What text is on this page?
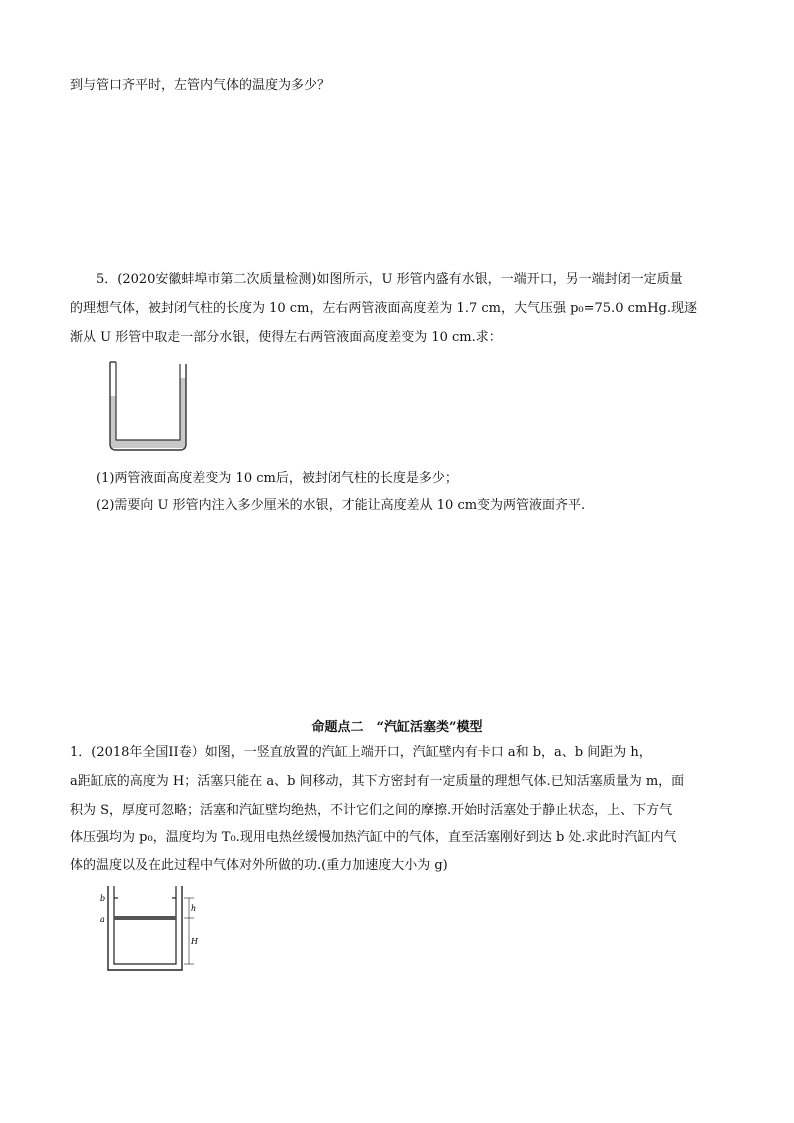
到与管口齐平时，左管内气体的温度为多少？
5．(2020安徽蚌埠市第二次质量检测)如图所示，U 形管内盛有水银，一端开口，另一端封闭一定质量
的理想气体，被封闭气柱的长度为 10 cm，左右两管液面高度差为 1.7 cm，大气压强 p₀=75.0 cmHg.现逐
渐从 U 形管中取走一部分水银，使得左右两管液面高度差变为 10 cm.求：
(1)两管液面高度差变为 10 cm后，被封闭气柱的长度是多少；
(2)需要向 U 形管内注入多少厘米的水银，才能让高度差从 10 cm变为两管液面齐平.
命题点二　“汽缸活塞类”模型
1．(2018年全国II卷）如图，一竖直放置的汽缸上端开口，汽缸壁内有卡口 a和 b，a、b 间距为 h，
a距缸底的高度为 H；活塞只能在 a、b 间移动，其下方密封有一定质量的理想气体.已知活塞质量为 m，面
积为 S，厚度可忽略；活塞和汽缸壁均绝热，不计它们之间的摩擦.开始时活塞处于静止状态，上、下方气
体压强均为 p₀，温度均为 T₀.现用电热丝缓慢加热汽缸中的气体，直至活塞刚好到达 b 处.求此时汽缸内气
体的温度以及在此过程中气体对外所做的功.(重力加速度大小为 g)
b
a
h
H
